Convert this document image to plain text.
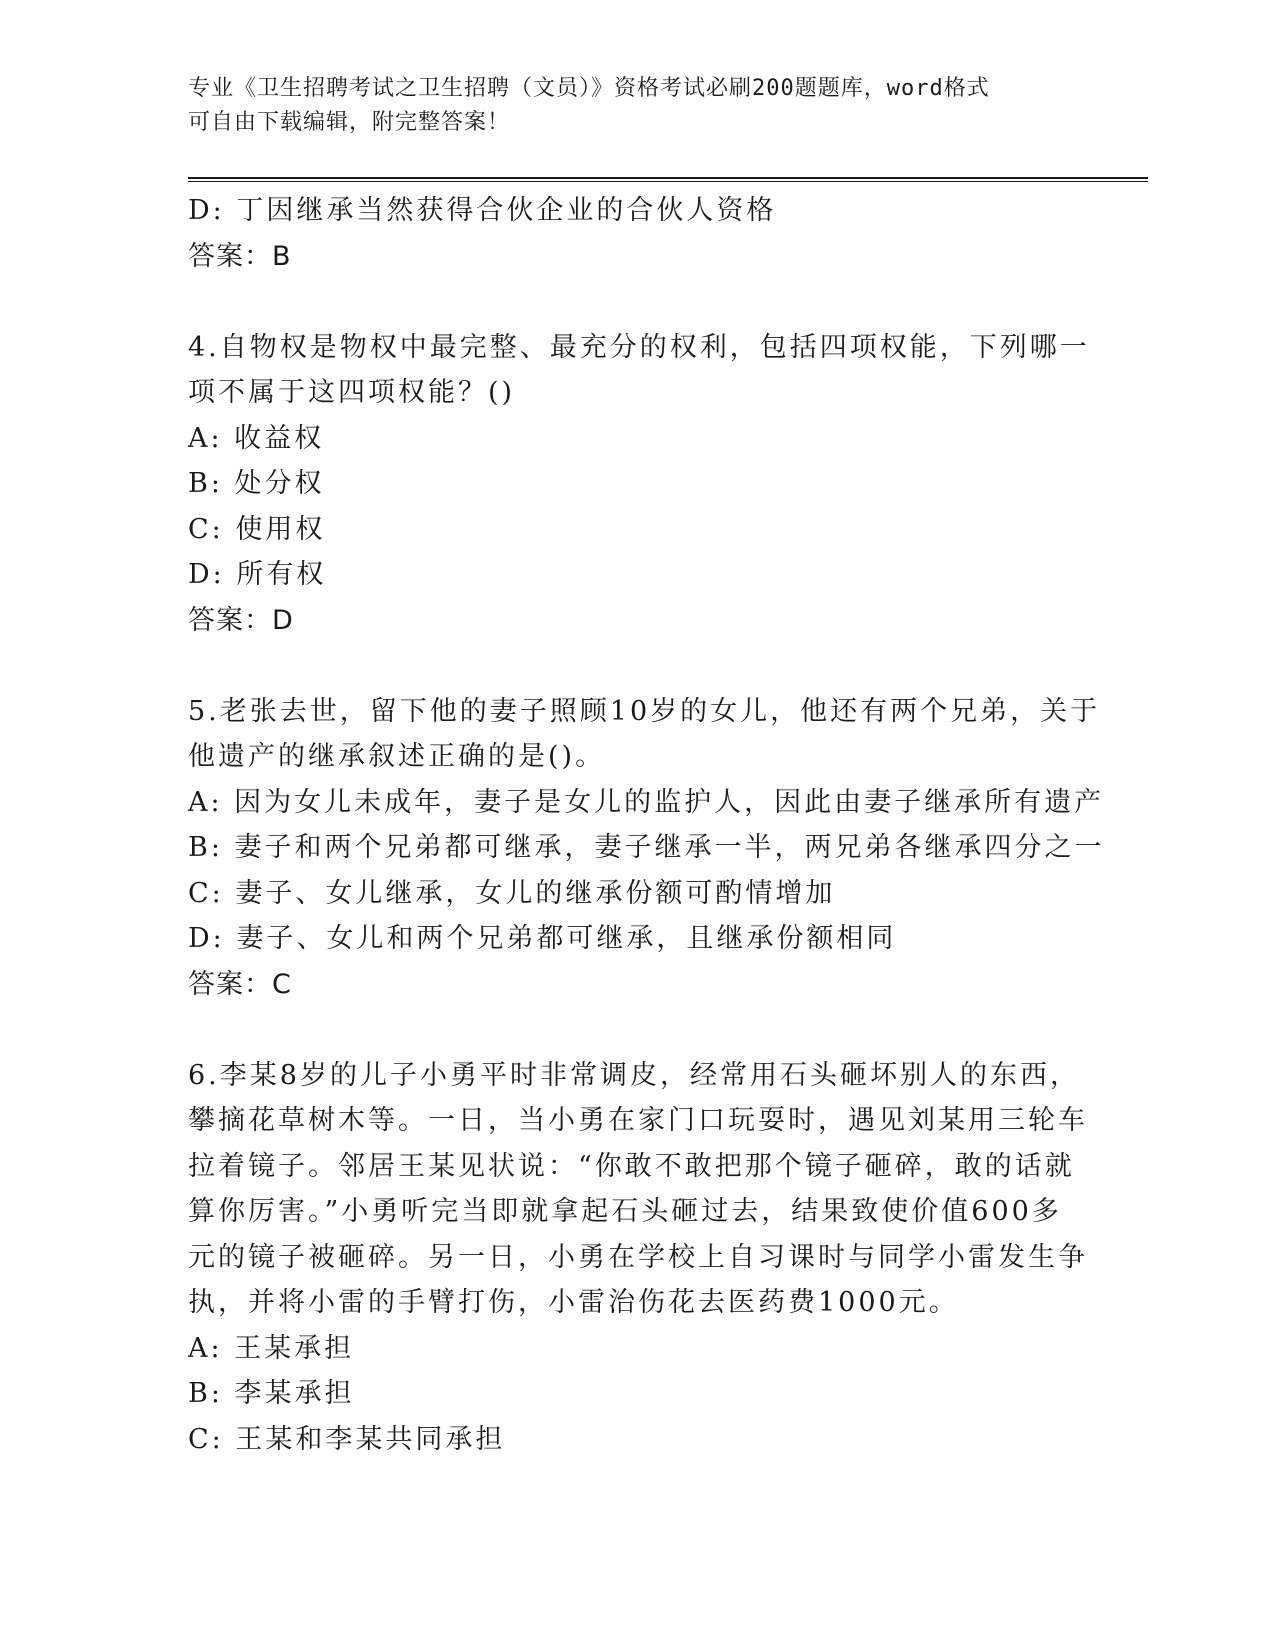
专业《卫生招聘考试之卫生招聘（文员）》资格考试必刷200题题库，word格式
可自由下载编辑，附完整答案！
D: 丁因继承当然获得合伙企业的合伙人资格
答案：B
4.自物权是物权中最完整、最充分的权利，包括四项权能，下列哪一
项不属于这四项权能？()
A: 收益权
B: 处分权
C: 使用权
D: 所有权
答案：D
5.老张去世，留下他的妻子照顾10岁的女儿，他还有两个兄弟，关于
他遗产的继承叙述正确的是()。
A: 因为女儿未成年，妻子是女儿的监护人，因此由妻子继承所有遗产
B: 妻子和两个兄弟都可继承，妻子继承一半，两兄弟各继承四分之一
C: 妻子、女儿继承，女儿的继承份额可酌情增加
D: 妻子、女儿和两个兄弟都可继承，且继承份额相同
答案：C
6.李某8岁的儿子小勇平时非常调皮，经常用石头砸坏别人的东西，
攀摘花草树木等。一日，当小勇在家门口玩耍时，遇见刘某用三轮车
拉着镜子。邻居王某见状说：“你敢不敢把那个镜子砸碎，敢的话就
算你厉害。”小勇听完当即就拿起石头砸过去，结果致使价值600多
元的镜子被砸碎。另一日，小勇在学校上自习课时与同学小雷发生争
执，并将小雷的手臂打伤，小雷治伤花去医药费1000元。
A: 王某承担
B: 李某承担
C: 王某和李某共同承担
